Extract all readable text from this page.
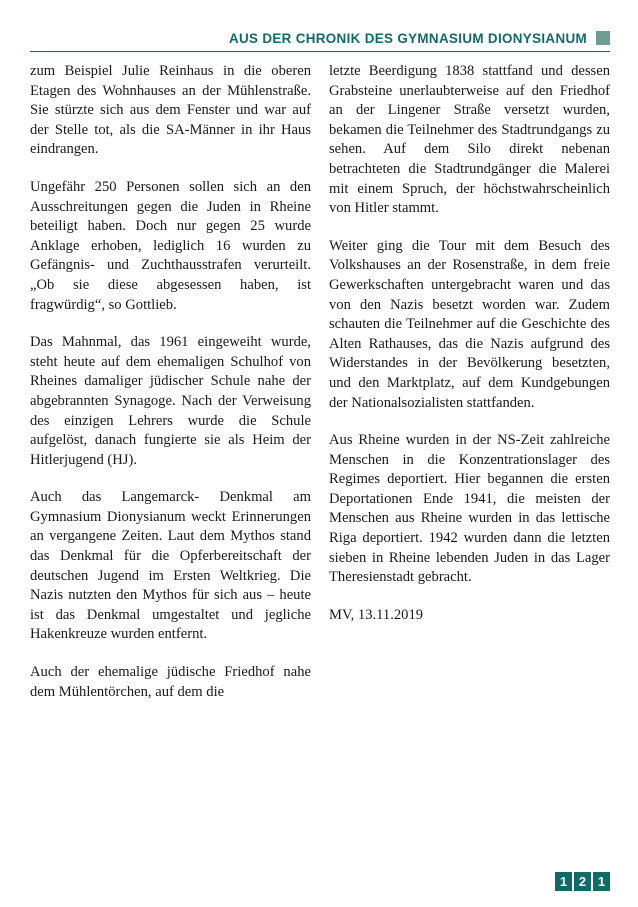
AUS DER CHRONIK DES GYMNASIUM DIONYSIANUM

zum Beispiel Julie Reinhaus in die oberen Etagen des Wohnhauses an der Mühlenstraße. Sie stürzte sich aus dem Fenster und war auf der Stelle tot, als die SA-Männer in ihr Haus eindrangen.

Ungefähr 250 Personen sollen sich an den Ausschreitungen gegen die Juden in Rheine beteiligt haben. Doch nur gegen 25 wurde Anklage erhoben, lediglich 16 wurden zu Gefängnis- und Zuchthausstrafen verurteilt. „Ob sie diese abgesessen haben, ist fragwürdig“, so Gottlieb.

Das Mahnmal, das 1961 eingeweiht wurde, steht heute auf dem ehemaligen Schulhof von Rheines damaliger jüdischer Schule nahe der abgebrannten Synagoge. Nach der Verweisung des einzigen Lehrers wurde die Schule aufgelöst, danach fungierte sie als Heim der Hitlerjugend (HJ).

Auch das Langemarck- Denkmal am Gymnasium Dionysianum weckt Erinnerungen an vergangene Zeiten. Laut dem Mythos stand das Denkmal für die Opferbereitschaft der deutschen Jugend im Ersten Weltkrieg. Die Nazis nutzten den Mythos für sich aus – heute ist das Denkmal umgestaltet und jegliche Hakenkreuze wurden entfernt.

Auch der ehemalige jüdische Friedhof nahe dem Mühlentörchen, auf dem die

letzte Beerdigung 1838 stattfand und dessen Grabsteine unerlaubterweise auf den Friedhof an der Lingener Straße versetzt wurden, bekamen die Teilnehmer des Stadtrundgangs zu sehen. Auf dem Silo direkt nebenan betrachteten die Stadtrundgänger die Malerei mit einem Spruch, der höchstwahrscheinlich von Hitler stammt.

Weiter ging die Tour mit dem Besuch des Volkshauses an der Rosenstraße, in dem freie Gewerkschaften untergebracht waren und das von den Nazis besetzt worden war. Zudem schauten die Teilnehmer auf die Geschichte des Alten Rathauses, das die Nazis aufgrund des Widerstandes in der Bevölkerung besetzten, und den Marktplatz, auf dem Kundgebungen der Nationalsozialisten stattfanden.

Aus Rheine wurden in der NS-Zeit zahlreiche Menschen in die Konzentrationslager des Regimes deportiert. Hier begannen die ersten Deportationen Ende 1941, die meisten der Menschen aus Rheine wurden in das lettische Riga deportiert. 1942 wurden dann die letzten sieben in Rheine lebenden Juden in das Lager Theresienstadt gebracht.

MV, 13.11.2019

1 2 1
